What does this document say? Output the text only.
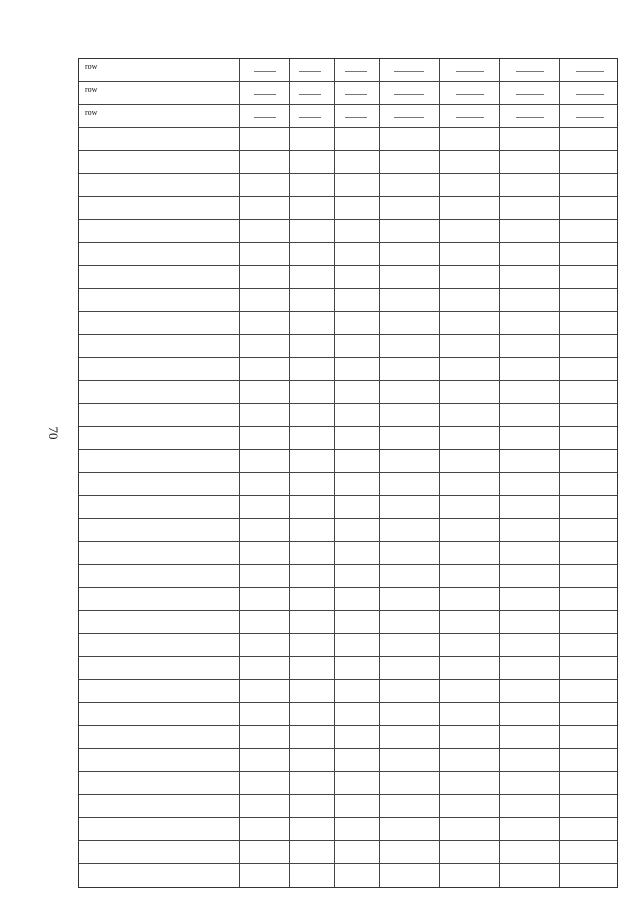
70
row
row
row
